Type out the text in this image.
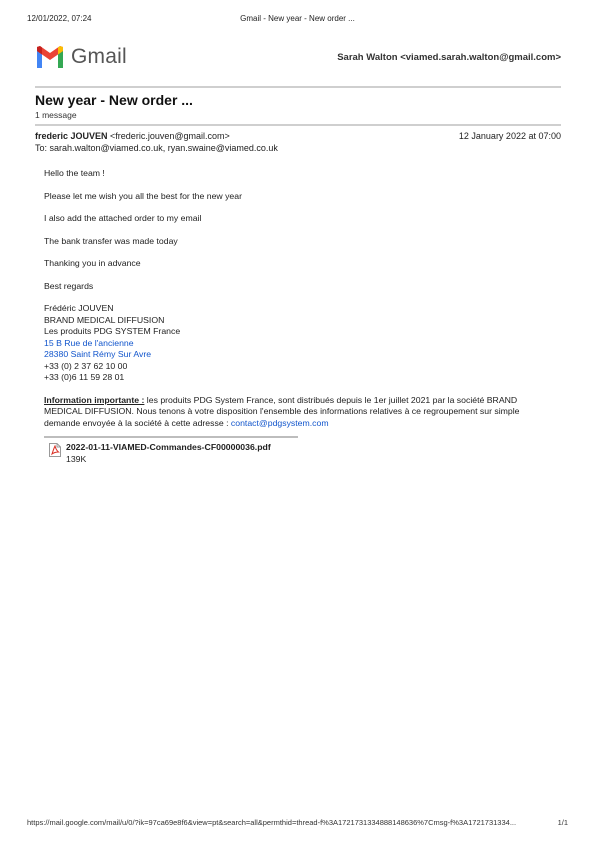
12/01/2022, 07:24	Gmail - New year - New order ...
Gmail	Sarah Walton <viamed.sarah.walton@gmail.com>
New year - New order ...
1 message
frederic JOUVEN <frederic.jouven@gmail.com>	12 January 2022 at 07:00
To: sarah.walton@viamed.co.uk, ryan.swaine@viamed.co.uk

Hello the team !

Please let me wish you all the best for the new year

I also add the attached order to my email

The bank transfer was made today

Thanking you in advance

Best regards

Frédéric JOUVEN
BRAND MEDICAL DIFFUSION
Les produits PDG SYSTEM France
15 B Rue de l'ancienne
28380 Saint Rémy Sur Avre
+33 (0) 2 37 62 10 00
+33 (0)6 11 59 28 01
Information importante : les produits PDG System France, sont distribués depuis le 1er juillet 2021 par la société BRAND MEDICAL DIFFUSION. Nous tenons à votre disposition l'ensemble des informations relatives à ce regroupement sur simple demande envoyée à la société à cette adresse : contact@pdgsystem.com
2022-01-11-VIAMED-Commandes-CF00000036.pdf
139K
https://mail.google.com/mail/u/0/?ik=97ca69e8f6&view=pt&search=all&permthid=thread-f%3A1721731334888148636%7Cmsg-f%3A1721731334...	1/1
